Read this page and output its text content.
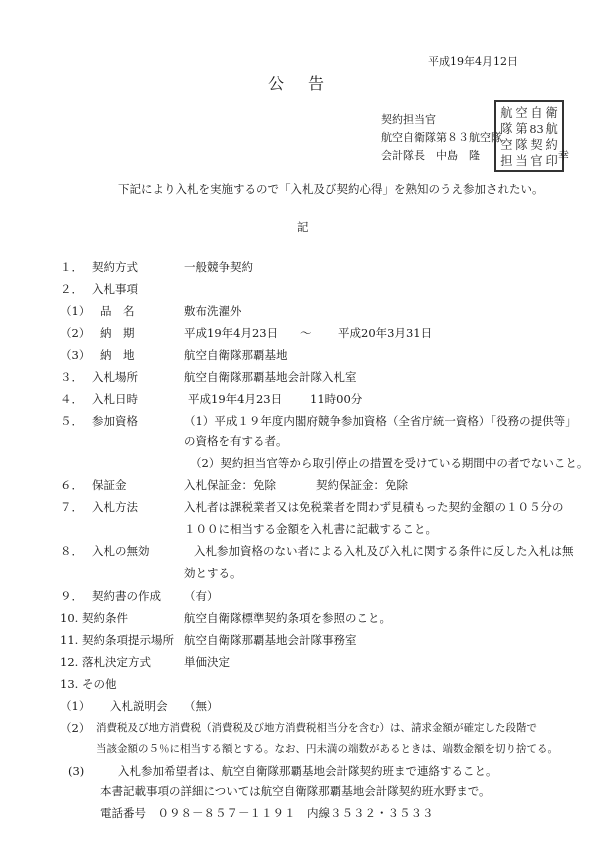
平成19年4月12日
公 告
契約担当官
航空自衛隊第８３航空隊
会計隊長　中島　隆
航 空 自 衛
隊 第 83 航
空 隊 契 約
担 当 官 印 幸
下記により入札を実施するので「入札及び契約心得」を熟知のうえ参加されたい。
記
１． 契約方式	一般競争契約
２． 入札事項
（1） 品　名	敷布洗濯外
（2） 納　期	平成19年4月23日 ～ 平成20年3月31日
（3） 納　地	航空自衛隊那覇基地
３． 入札場所	航空自衛隊那覇基地会計隊入札室
４． 入札日時	平成19年4月23日 11時00分
５． 参加資格	（1）平成１９年度内閣府競争参加資格（全省庁統一資格）「役務の提供等」
の資格を有する者。
（2）契約担当官等から取引停止の措置を受けている期間中の者でないこと。
６． 保証金	入札保証金：免除	契約保証金：免除
７． 入札方法	入札者は課税業者又は免税業者を問わず見積もった契約金額の１０５分の
１００に相当する金額を入札書に記載すること。
８． 入札の無効	入札参加資格のない者による入札及び入札に関する条件に反した入札は無
効とする。
９． 契約書の作成 （有）
10. 契約条件	航空自衛隊標準契約条項を参照のこと。
11. 契約条項提示場所 航空自衛隊那覇基地会計隊事務室
12. 落札決定方式	単価決定
13. その他
（1） 入札説明会 （無）
（2） 消費税及び地方消費税（消費税及び地方消費税相当分を含む）は、請求金額が確定した段階で
当該金額の５％に相当する額とする。なお、円未満の端数があるときは、端数金額を切り捨てる。
(3)	入札参加希望者は、航空自衛隊那覇基地会計隊契約班まで連絡すること。
本書記載事項の詳細については航空自衛隊那覇基地会計隊契約班水野まで。
電話番号　０９８－８５７－１１９１　内線３５３２・３５３３
